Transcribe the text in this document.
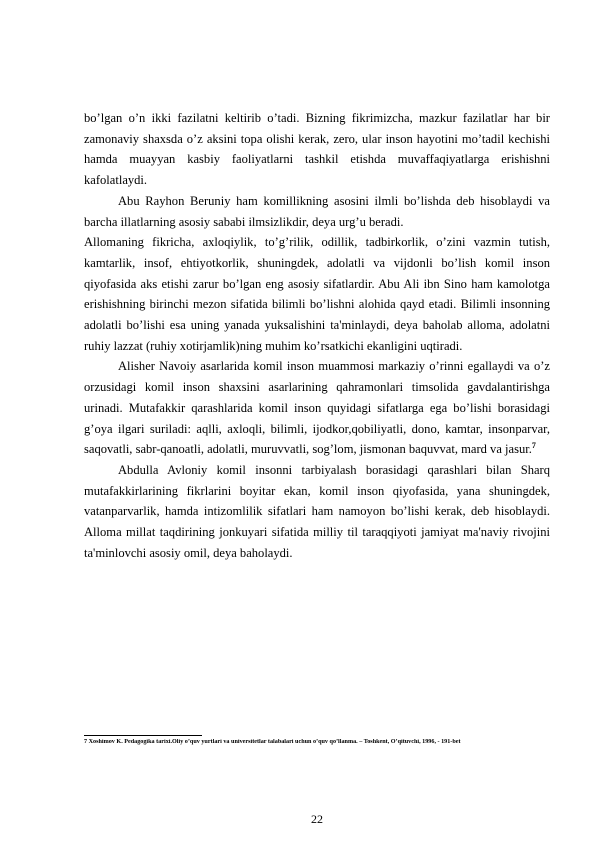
bo’lgan o’n ikki fazilatni keltirib o’tadi. Bizning fikrimizcha, mazkur fazilatlar har bir zamonaviy shaxsda o’z aksini topa olishi kerak, zero, ular inson hayotini mo’tadil kechishi hamda muayyan kasbiy faoliyatlarni tashkil etishda muvaffaqiyatlarga erishishni kafolatlaydi.

Abu Rayhon Beruniy ham komillikning asosini ilmli bo’lishda deb hisoblaydi va barcha illatlarning asosiy sababi ilmsizlikdir, deya urg’u beradi.

Allomaning fikricha, axloqiylik, to’g’rilik, odillik, tadbirkorlik, o’zini vazmin tutish, kamtarlik, insof, ehtiyotkorlik, shuningdek, adolatli va vijdonli bo’lish komil inson qiyofasida aks etishi zarur bo’lgan eng asosiy sifatlardir. Abu Ali ibn Sino ham kamolotga erishishning birinchi mezon sifatida bilimli bo’lishni alohida qayd etadi. Bilimli insonning adolatli bo’lishi esa uning yanada yuksalishini ta'minlaydi, deya baholab alloma, adolatni ruhiy lazzat (ruhiy xotirjamlik)ning muhim ko’rsatkichi ekanligini uqtiradi.

Alisher Navoiy asarlarida komil inson muammosi markaziy o’rinni egallaydi va o’z orzusidagi komil inson shaxsini asarlarining qahramonlari timsolida gavdalantirishga urinadi. Mutafakkir qarashlarida komil inson quyidagi sifatlarga ega bo’lishi borasidagi g’oya ilgari suriladi: aqlli, axloqli, bilimli, ijodkor,qobiliyatli, dono, kamtar, insonparvar, saqovatli, sabr-qanoatli, adolatli, muruvvatli, sog’lom, jismonan baquvvat, mard va jasur.$^7$

Abdulla Avloniy komil insonni tarbiyalash borasidagi qarashlari bilan Sharq mutafakkirlarining fikrlarini boyitar ekan, komil inson qiyofasida, yana shuningdek, vatanparvarlik, hamda intizomlilik sifatlari ham namoyon bo’lishi kerak, deb hisoblaydi. Alloma millat taqdirining jonkuyari sifatida milliy til taraqqiyoti jamiyat ma'naviy rivojini ta'minlovchi asosiy omil, deya baholaydi.

7 Xoshimov K. Pedagogika tarixi.Oliy o’quv yurtlari va universitetlar talabalari uchun o’quv qo’llanma. – Toshkent, O’qituvchi, 1996, - 191-bet
22
